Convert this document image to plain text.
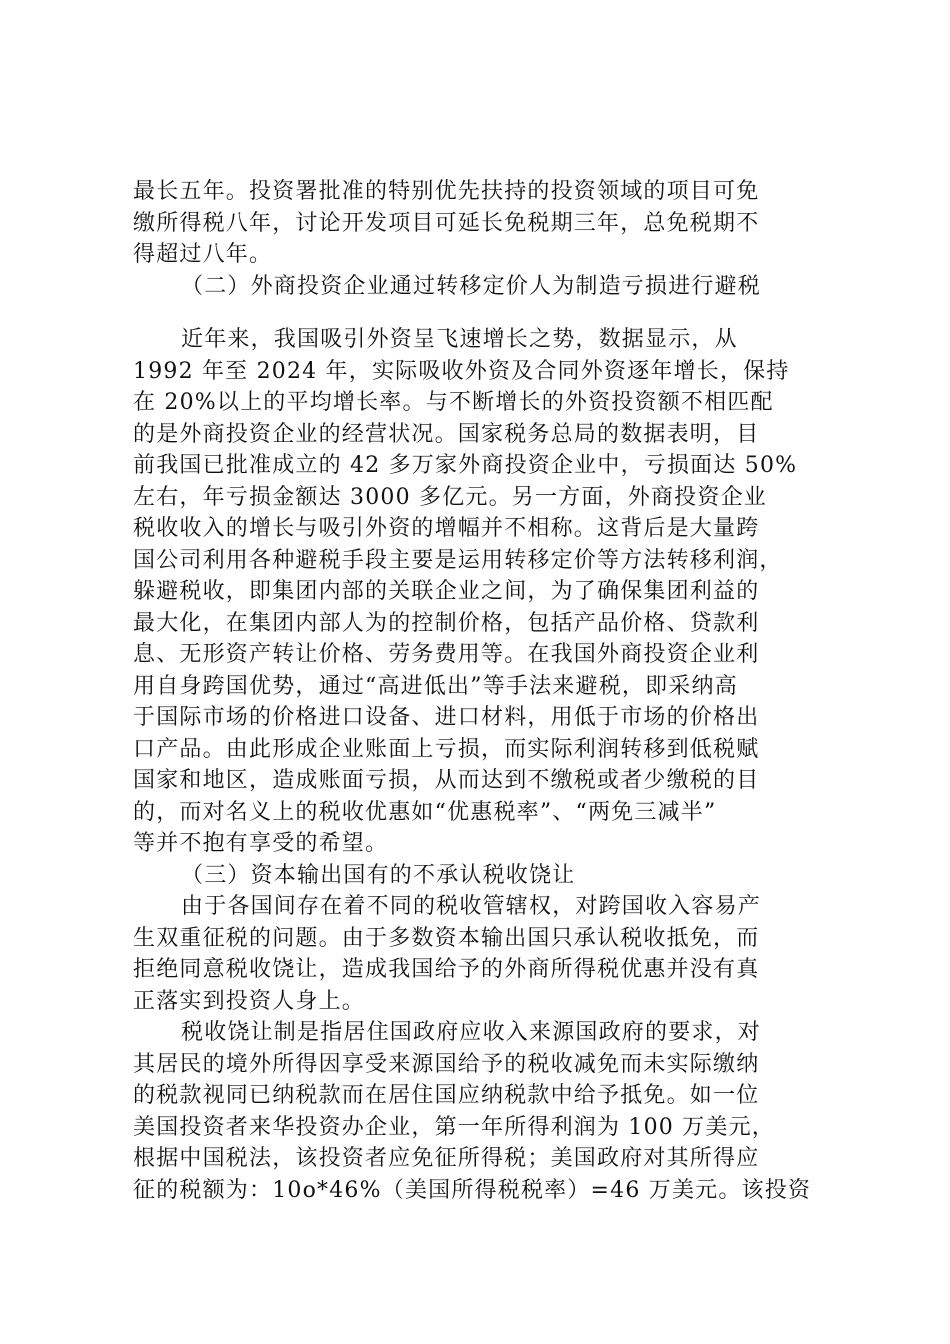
最长五年。投资署批准的特别优先扶持的投资领域的项目可免
缴所得税八年，讨论开发项目可延长免税期三年，总免税期不
得超过八年。
（二）外商投资企业通过转移定价人为制造亏损进行避税
近年来，我国吸引外资呈飞速增长之势，数据显示，从
1992 年至 2024 年，实际吸收外资及合同外资逐年增长，保持
在 20%以上的平均增长率。与不断增长的外资投资额不相匹配
的是外商投资企业的经营状况。国家税务总局的数据表明，目
前我国已批准成立的 42 多万家外商投资企业中，亏损面达 50%
左右，年亏损金额达 3000 多亿元。另一方面，外商投资企业
税收收入的增长与吸引外资的增幅并不相称。这背后是大量跨
国公司利用各种避税手段主要是运用转移定价等方法转移利润，
躲避税收，即集团内部的关联企业之间，为了确保集团利益的
最大化，在集团内部人为的控制价格，包括产品价格、贷款利
息、无形资产转让价格、劳务费用等。在我国外商投资企业利
用自身跨国优势，通过“高进低出”等手法来避税，即采纳高
于国际市场的价格进口设备、进口材料，用低于市场的价格出
口产品。由此形成企业账面上亏损，而实际利润转移到低税赋
国家和地区，造成账面亏损，从而达到不缴税或者少缴税的目
的，而对名义上的税收优惠如“优惠税率”、“两免三减半”
等并不抱有享受的希望。
（三）资本输出国有的不承认税收饶让
由于各国间存在着不同的税收管辖权，对跨国收入容易产
生双重征税的问题。由于多数资本输出国只承认税收抵免，而
拒绝同意税收饶让，造成我国给予的外商所得税优惠并没有真
正落实到投资人身上。
税收饶让制是指居住国政府应收入来源国政府的要求，对
其居民的境外所得因享受来源国给予的税收减免而未实际缴纳
的税款视同已纳税款而在居住国应纳税款中给予抵免。如一位
美国投资者来华投资办企业，第一年所得利润为 100 万美元，
根据中国税法，该投资者应免征所得税；美国政府对其所得应
征的税额为：10o*46%（美国所得税税率）=46 万美元。该投资
